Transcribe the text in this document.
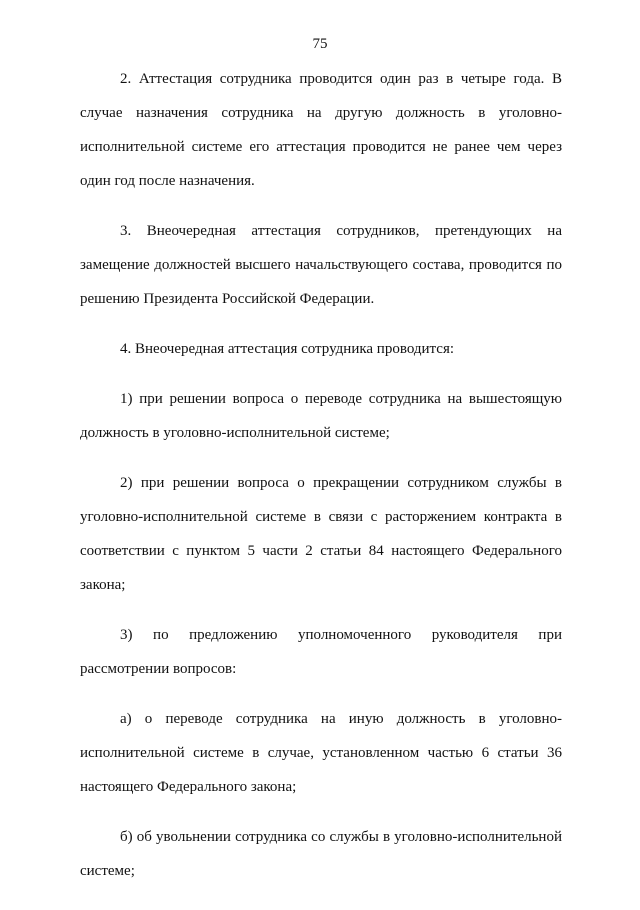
75
2. Аттестация сотрудника проводится один раз в четыре года. В
случае назначения сотрудника на другую должность в уголовно-
исполнительной системе его аттестация проводится не ранее чем через
один год после назначения.
3. Внеочередная аттестация сотрудников, претендующих на
замещение должностей высшего начальствующего состава, проводится по
решению Президента Российской Федерации.
4. Внеочередная аттестация сотрудника проводится:
1) при решении вопроса о переводе сотрудника на вышестоящую
должность в уголовно-исполнительной системе;
2) при решении вопроса о прекращении сотрудником службы в
уголовно-исполнительной системе в связи с расторжением контракта в
соответствии с пунктом 5 части 2 статьи 84 настоящего Федерального
закона;
3) по предложению уполномоченного руководителя при
рассмотрении вопросов:
а) о переводе сотрудника на иную должность в уголовно-
исполнительной системе в случае, установленном частью 6 статьи 36
настоящего Федерального закона;
б) об увольнении сотрудника со службы в уголовно-исполнительной
системе;
